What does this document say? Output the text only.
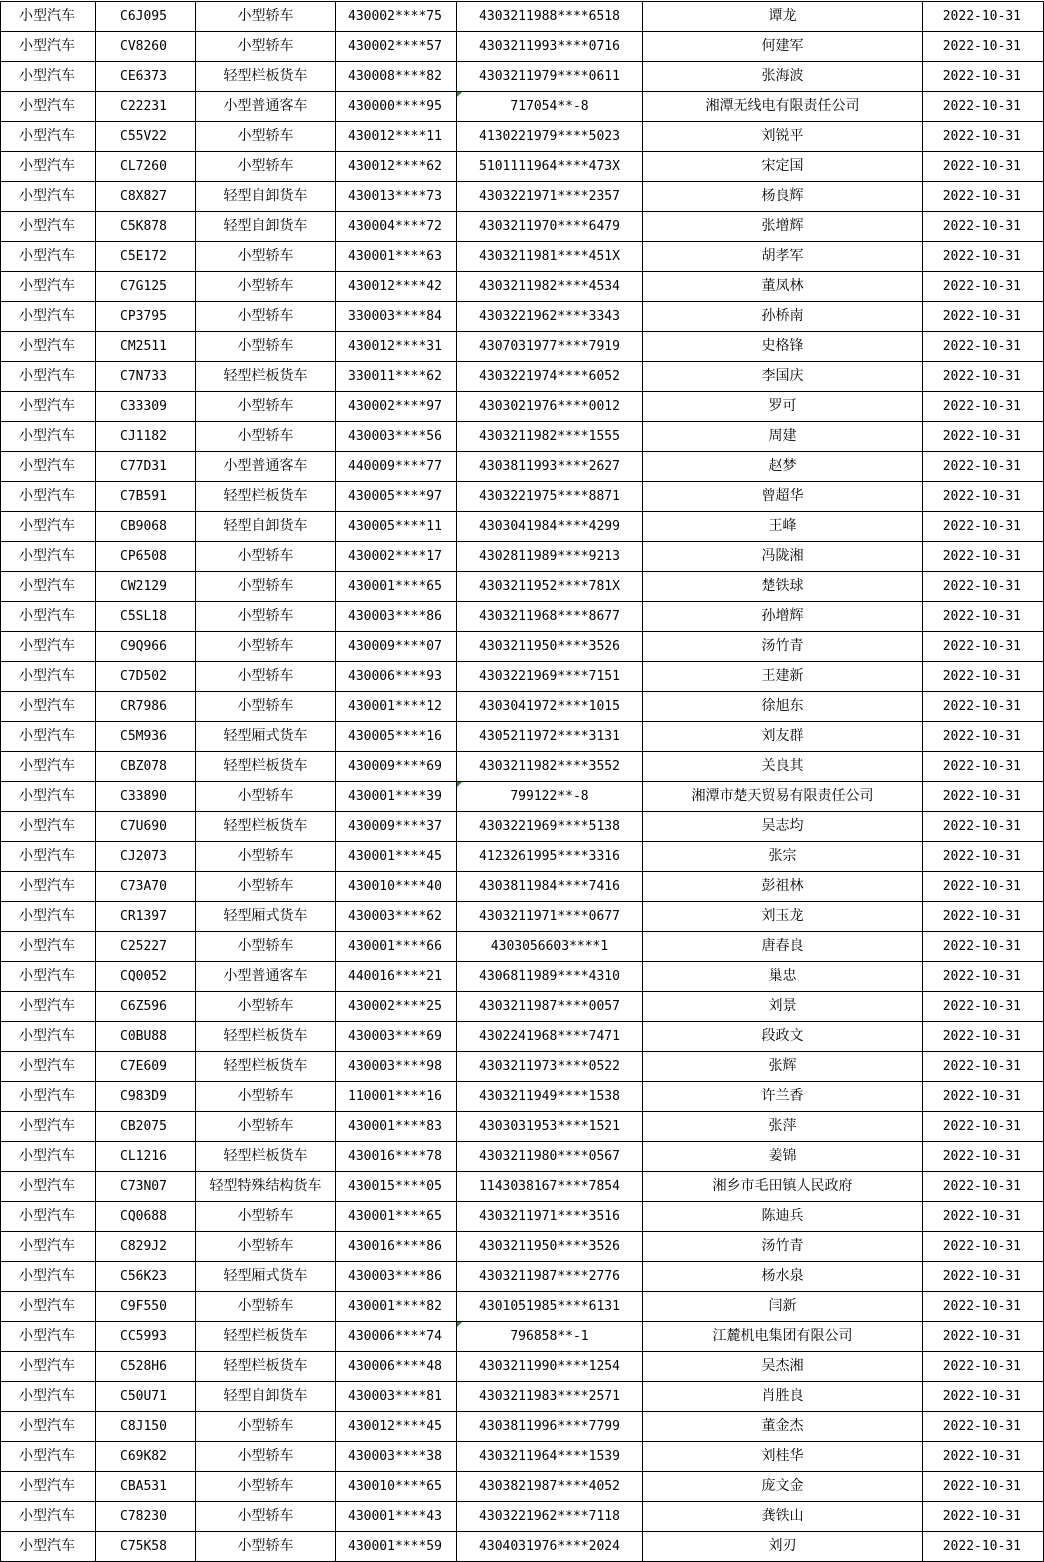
小型汽车	C6J095	小型轿车	430002****75	4303211988****6518	谭龙	2022-10-31
小型汽车	CV8260	小型轿车	430002****57	4303211993****0716	何建军	2022-10-31
小型汽车	CE6373	轻型栏板货车	430008****82	4303211979****0611	张海波	2022-10-31
小型汽车	C22231	小型普通客车	430000****95	717054**-8	湘潭无线电有限责任公司	2022-10-31
小型汽车	C55V22	小型轿车	430012****11	4130221979****5023	刘锐平	2022-10-31
小型汽车	CL7260	小型轿车	430012****62	5101111964****473X	宋定国	2022-10-31
小型汽车	C8X827	轻型自卸货车	430013****73	4303221971****2357	杨良辉	2022-10-31
小型汽车	C5K878	轻型自卸货车	430004****72	4303211970****6479	张增辉	2022-10-31
小型汽车	C5E172	小型轿车	430001****63	4303211981****451X	胡孝军	2022-10-31
小型汽车	C7G125	小型轿车	430012****42	4303211982****4534	董凤林	2022-10-31
小型汽车	CP3795	小型轿车	330003****84	4303221962****3343	孙桥南	2022-10-31
小型汽车	CM2511	小型轿车	430012****31	4307031977****7919	史格锋	2022-10-31
小型汽车	C7N733	轻型栏板货车	330011****62	4303221974****6052	李国庆	2022-10-31
小型汽车	C33309	小型轿车	430002****97	4303021976****0012	罗可	2022-10-31
小型汽车	CJ1182	小型轿车	430003****56	4303211982****1555	周建	2022-10-31
小型汽车	C77D31	小型普通客车	440009****77	4303811993****2627	赵梦	2022-10-31
小型汽车	C7B591	轻型栏板货车	430005****97	4303221975****8871	曾超华	2022-10-31
小型汽车	CB9068	轻型自卸货车	430005****11	4303041984****4299	王峰	2022-10-31
小型汽车	CP6508	小型轿车	430002****17	4302811989****9213	冯陇湘	2022-10-31
小型汽车	CW2129	小型轿车	430001****65	4303211952****781X	楚铁球	2022-10-31
小型汽车	C5SL18	小型轿车	430003****86	4303211968****8677	孙增辉	2022-10-31
小型汽车	C9Q966	小型轿车	430009****07	4303211950****3526	汤竹青	2022-10-31
小型汽车	C7D502	小型轿车	430006****93	4303221969****7151	王建新	2022-10-31
小型汽车	CR7986	小型轿车	430001****12	4303041972****1015	徐旭东	2022-10-31
小型汽车	C5M936	轻型厢式货车	430005****16	4305211972****3131	刘友群	2022-10-31
小型汽车	CBZ078	轻型栏板货车	430009****69	4303211982****3552	关良其	2022-10-31
小型汽车	C33890	小型轿车	430001****39	799122**-8	湘潭市楚天贸易有限责任公司	2022-10-31
小型汽车	C7U690	轻型栏板货车	430009****37	4303221969****5138	吴志均	2022-10-31
小型汽车	CJ2073	小型轿车	430001****45	4123261995****3316	张宗	2022-10-31
小型汽车	C73A70	小型轿车	430010****40	4303811984****7416	彭祖林	2022-10-31
小型汽车	CR1397	轻型厢式货车	430003****62	4303211971****0677	刘玉龙	2022-10-31
小型汽车	C25227	小型轿车	430001****66	4303056603****1	唐春良	2022-10-31
小型汽车	CQ0052	小型普通客车	440016****21	4306811989****4310	巢忠	2022-10-31
小型汽车	C6Z596	小型轿车	430002****25	4303211987****0057	刘景	2022-10-31
小型汽车	C0BU88	轻型栏板货车	430003****69	4302241968****7471	段政文	2022-10-31
小型汽车	C7E609	轻型栏板货车	430003****98	4303211973****0522	张辉	2022-10-31
小型汽车	C983D9	小型轿车	110001****16	4303211949****1538	许兰香	2022-10-31
小型汽车	CB2075	小型轿车	430001****83	4303031953****1521	张萍	2022-10-31
小型汽车	CL1216	轻型栏板货车	430016****78	4303211980****0567	姜锦	2022-10-31
小型汽车	C73N07	轻型特殊结构货车	430015****05	1143038167****7854	湘乡市毛田镇人民政府	2022-10-31
小型汽车	CQ0688	小型轿车	430001****65	4303211971****3516	陈迪兵	2022-10-31
小型汽车	C829J2	小型轿车	430016****86	4303211950****3526	汤竹青	2022-10-31
小型汽车	C56K23	轻型厢式货车	430003****86	4303211987****2776	杨水泉	2022-10-31
小型汽车	C9F550	小型轿车	430001****82	4301051985****6131	闫新	2022-10-31
小型汽车	CC5993	轻型栏板货车	430006****74	796858**-1	江麓机电集团有限公司	2022-10-31
小型汽车	C528H6	轻型栏板货车	430006****48	4303211990****1254	吴杰湘	2022-10-31
小型汽车	C50U71	轻型自卸货车	430003****81	4303211983****2571	肖胜良	2022-10-31
小型汽车	C8J150	小型轿车	430012****45	4303811996****7799	董金杰	2022-10-31
小型汽车	C69K82	小型轿车	430003****38	4303211964****1539	刘桂华	2022-10-31
小型汽车	CBA531	小型轿车	430010****65	4303821987****4052	庞文金	2022-10-31
小型汽车	C78230	小型轿车	430001****43	4303221962****7118	龚铁山	2022-10-31
小型汽车	C75K58	小型轿车	430001****59	4304031976****2024	刘刃	2022-10-31
